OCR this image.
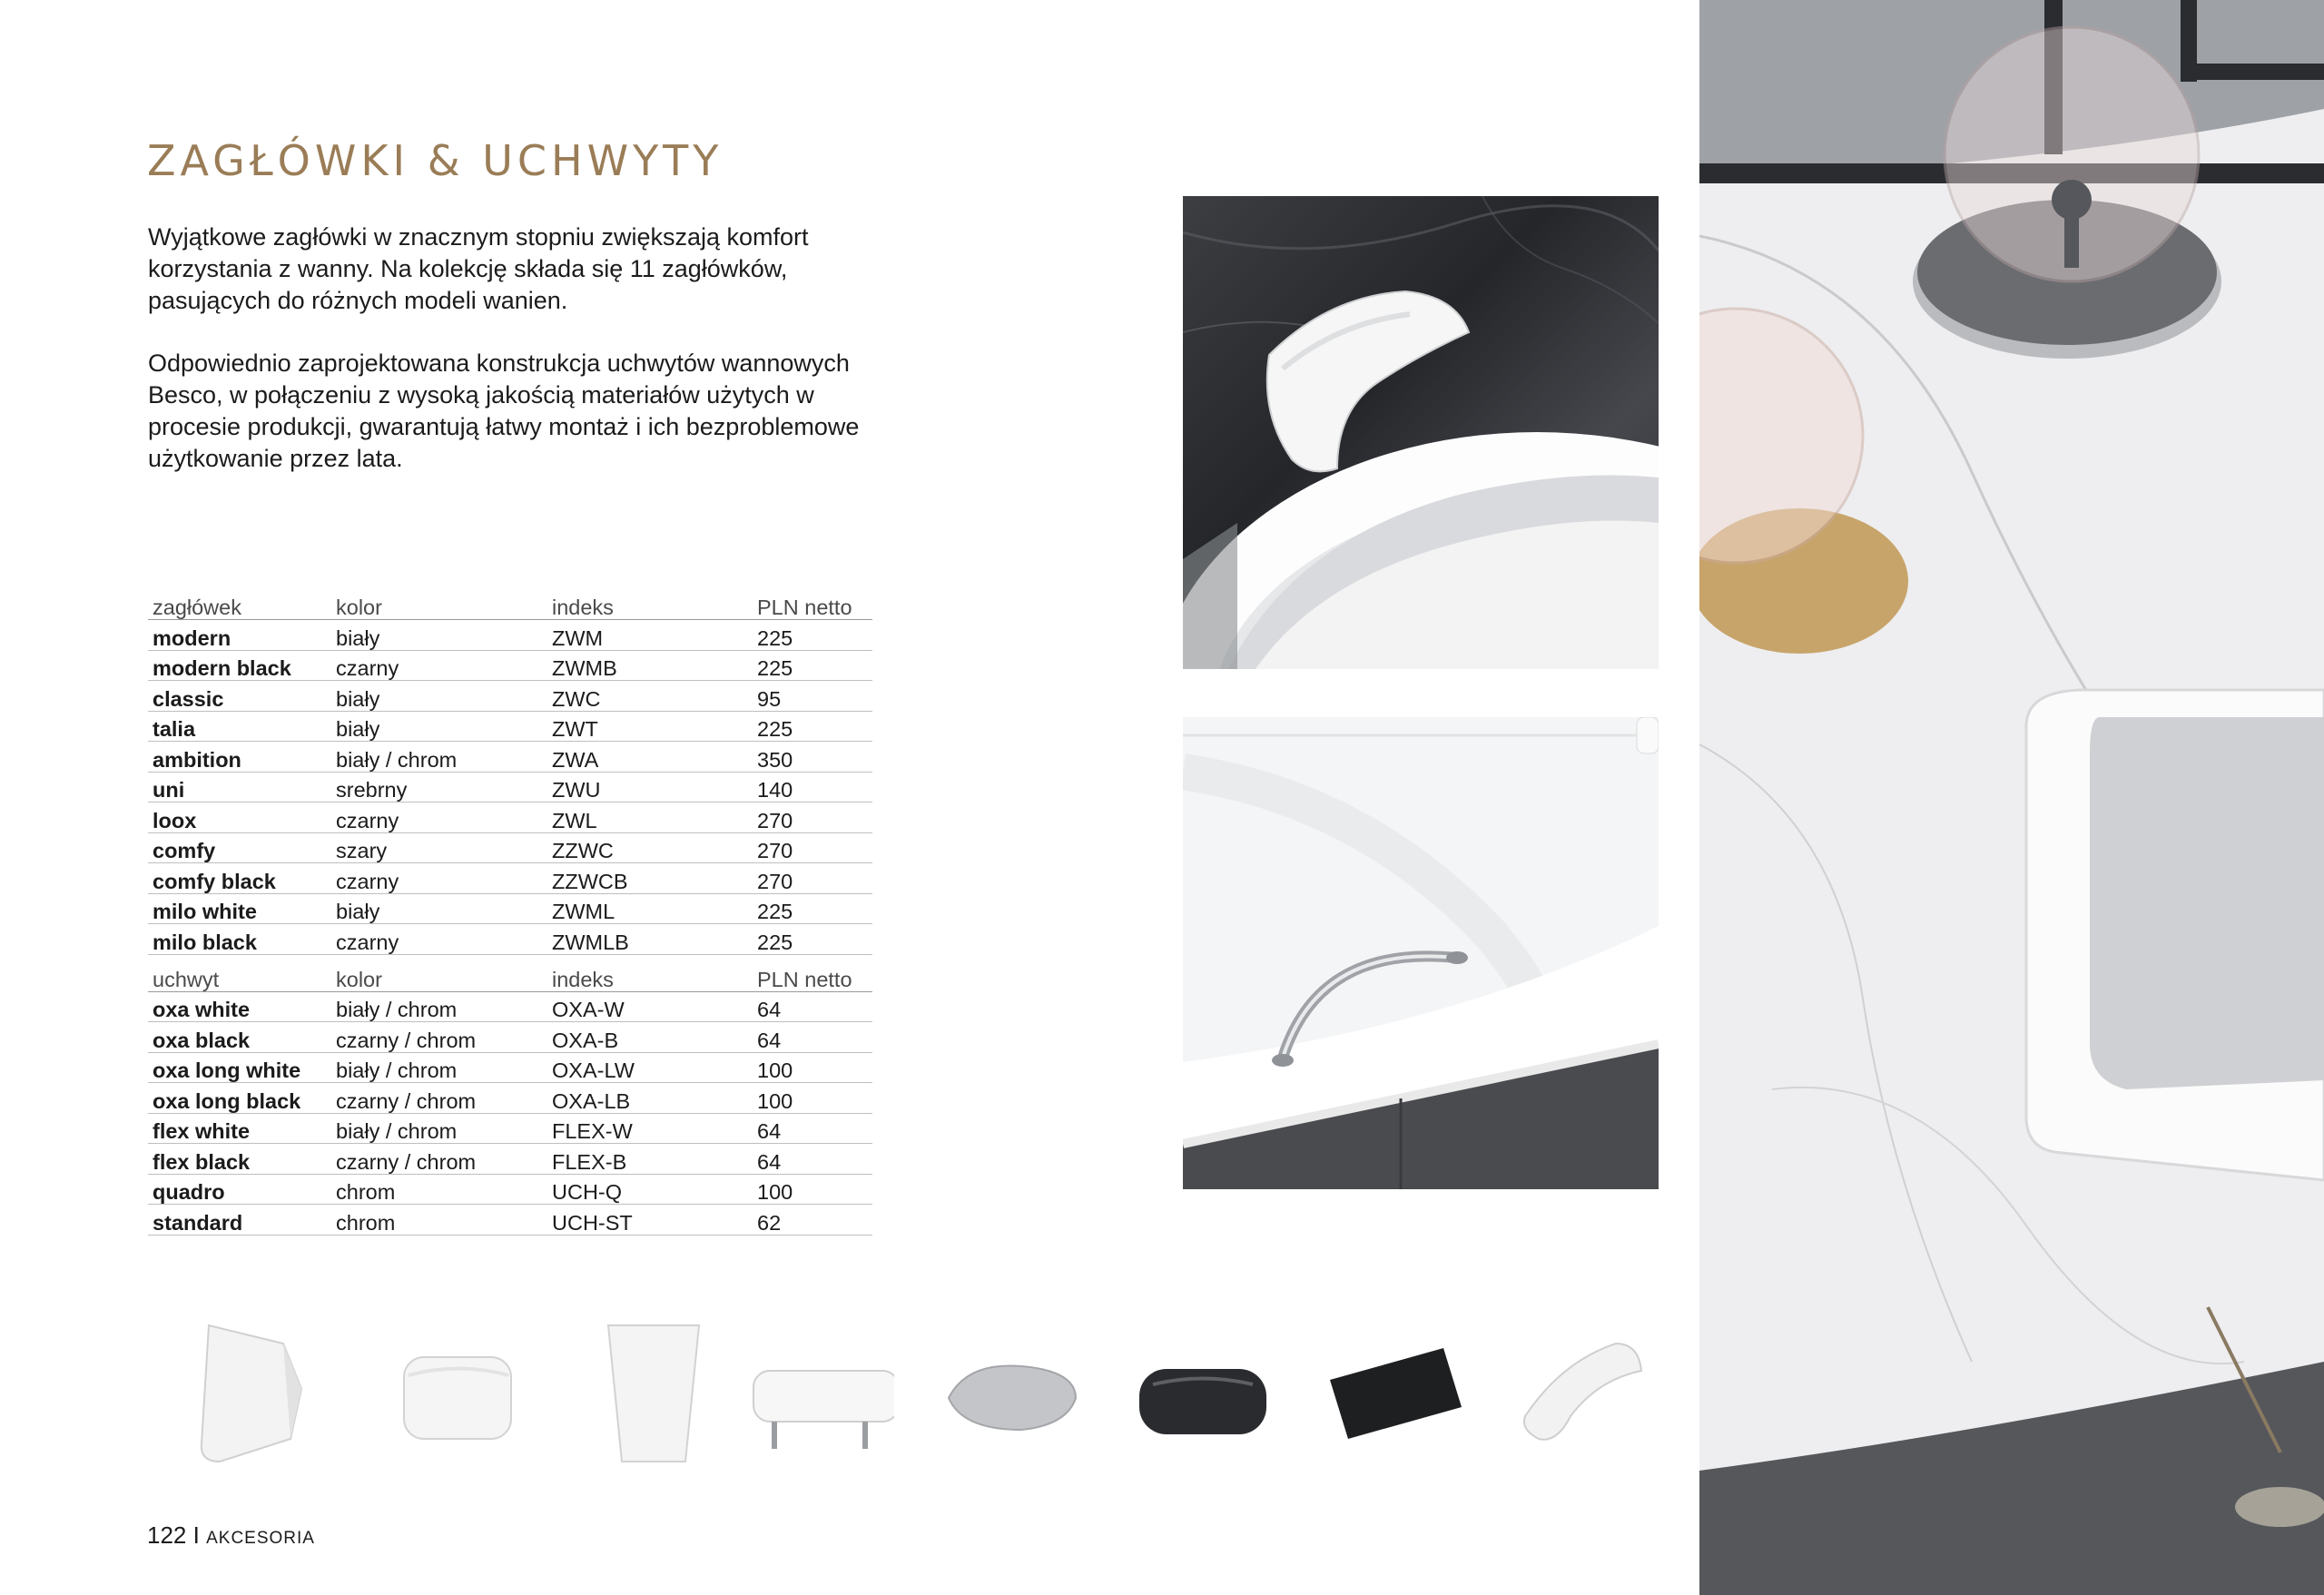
ZAGŁÓWKI & UCHWYTY

Wyjątkowe zagłówki w znacznym stopniu zwiększają komfort korzystania z wanny. Na kolekcję składa się 11 zagłówków, pasujących do różnych modeli wanien.

Odpowiednio zaprojektowana konstrukcja uchwytów wannowych Besco, w połączeniu z wysoką jakością materiałów użytych w procesie produkcji, gwarantują łatwy montaż i ich bezproblemowe użytkowanie przez lata.

zagłówek	kolor	indeks	PLN netto
modern	biały	ZWM	225
modern black	czarny	ZWMB	225
classic	biały	ZWC	95
talia	biały	ZWT	225
ambition	biały / chrom	ZWA	350
uni	srebrny	ZWU	140
loox	czarny	ZWL	270
comfy	szary	ZZWC	270
comfy black	czarny	ZZWCB	270
milo white	biały	ZWML	225
milo black	czarny	ZWMLB	225
uchwyt	kolor	indeks	PLN netto
oxa white	biały / chrom	OXA-W	64
oxa black	czarny / chrom	OXA-B	64
oxa long white	biały / chrom	OXA-LW	100
oxa long black	czarny / chrom	OXA-LB	100
flex white	biały / chrom	FLEX-W	64
flex black	czarny / chrom	FLEX-B	64
quadro	chrom	UCH-Q	100
standard	chrom	UCH-ST	62
122 I AKCESORIA
